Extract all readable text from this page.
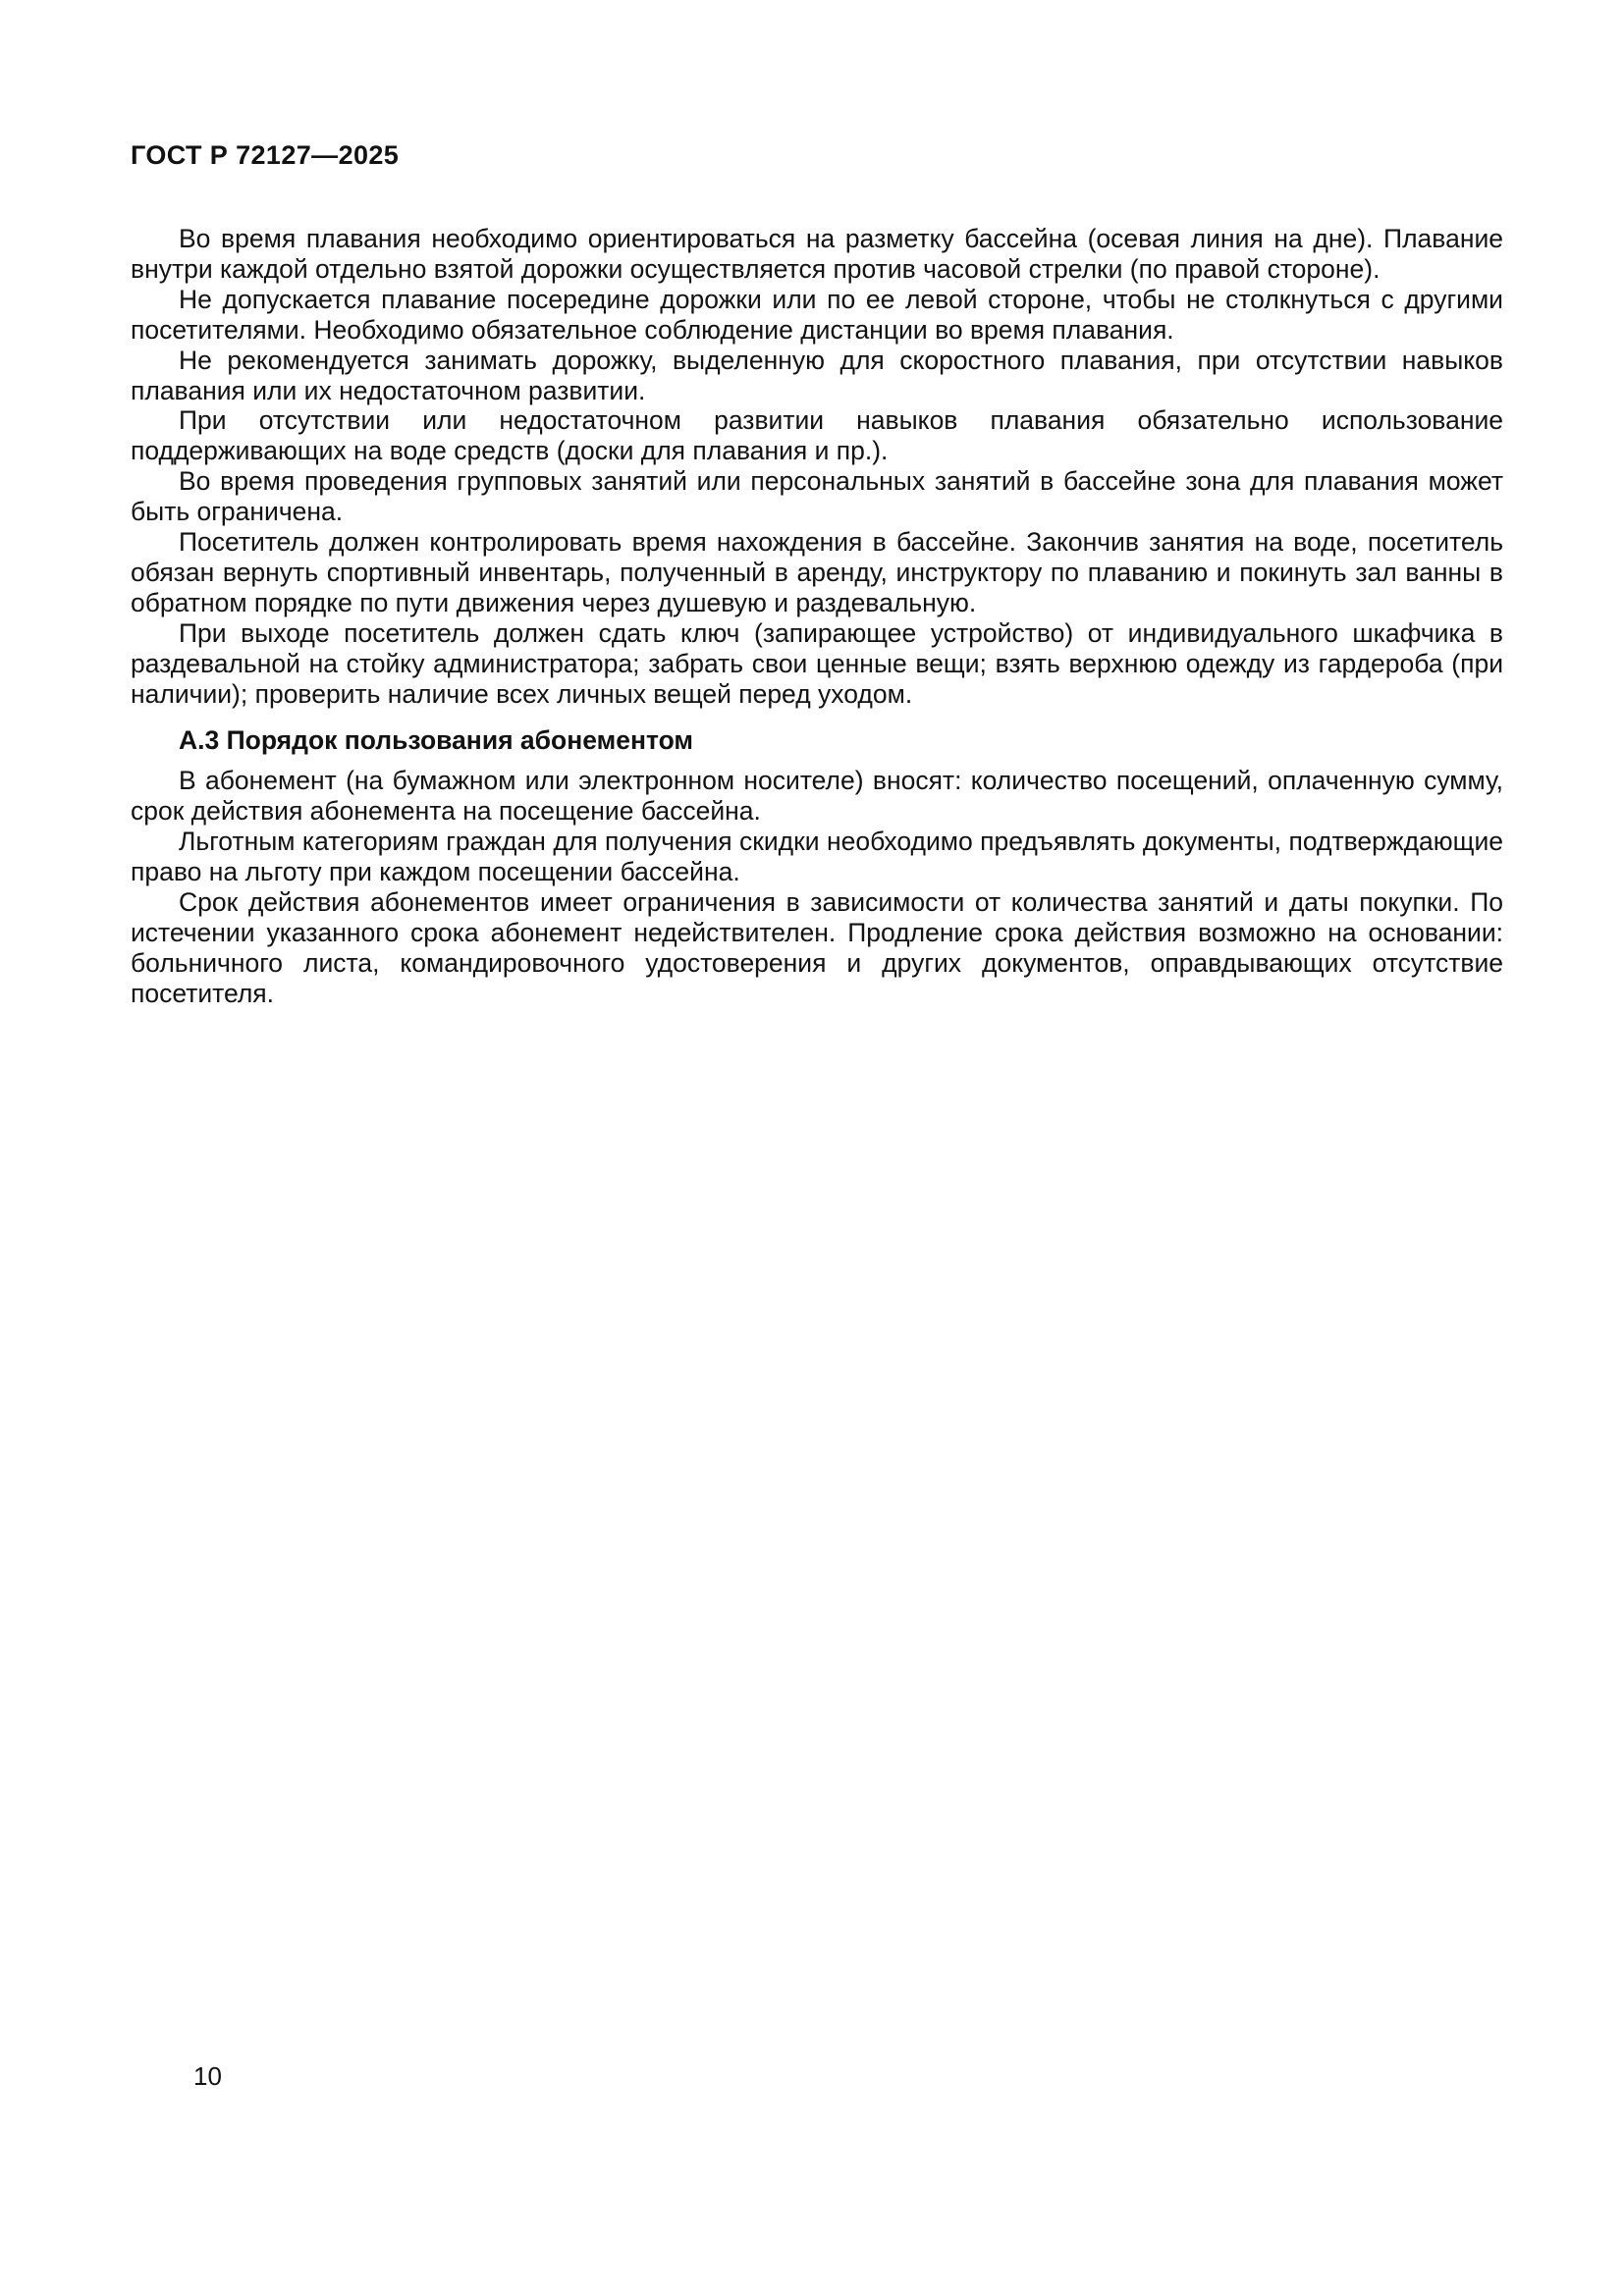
ГОСТ Р 72127—2025

Во время плавания необходимо ориентироваться на разметку бассейна (осевая линия на дне). Плавание внутри каждой отдельно взятой дорожки осуществляется против часовой стрелки (по правой стороне).

Не допускается плавание посередине дорожки или по ее левой стороне, чтобы не столкнуться с другими посетителями. Необходимо обязательное соблюдение дистанции во время плавания.

Не рекомендуется занимать дорожку, выделенную для скоростного плавания, при отсутствии навыков плавания или их недостаточном развитии.

При отсутствии или недостаточном развитии навыков плавания обязательно использование поддерживающих на воде средств (доски для плавания и пр.).

Во время проведения групповых занятий или персональных занятий в бассейне зона для плавания может быть ограничена.

Посетитель должен контролировать время нахождения в бассейне. Закончив занятия на воде, посетитель обязан вернуть спортивный инвентарь, полученный в аренду, инструктору по плаванию и покинуть зал ванны в обратном порядке по пути движения через душевую и раздевальную.

При выходе посетитель должен сдать ключ (запирающее устройство) от индивидуального шкафчика в раздевальной на стойку администратора; забрать свои ценные вещи; взять верхнюю одежду из гардероба (при наличии); проверить наличие всех личных вещей перед уходом.

А.3 Порядок пользования абонементом

В абонемент (на бумажном или электронном носителе) вносят: количество посещений, оплаченную сумму, срок действия абонемента на посещение бассейна.

Льготным категориям граждан для получения скидки необходимо предъявлять документы, подтверждающие право на льготу при каждом посещении бассейна.

Срок действия абонементов имеет ограничения в зависимости от количества занятий и даты покупки. По истечении указанного срока абонемент недействителен. Продление срока действия возможно на основании: больничного листа, командировочного удостоверения и других документов, оправдывающих отсутствие посетителя.

10
